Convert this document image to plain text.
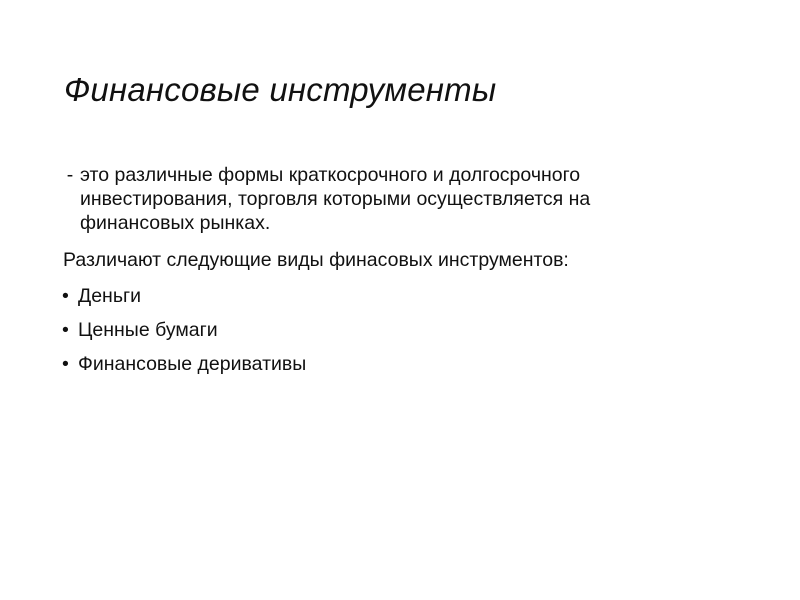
Финансовые инструменты
- это различные формы краткосрочного и долгосрочного инвестирования, торговля которыми осуществляется на финансовых рынках.
Различают следующие виды финасовых инструментов:
• Деньги
• Ценные бумаги
• Финансовые деривативы
